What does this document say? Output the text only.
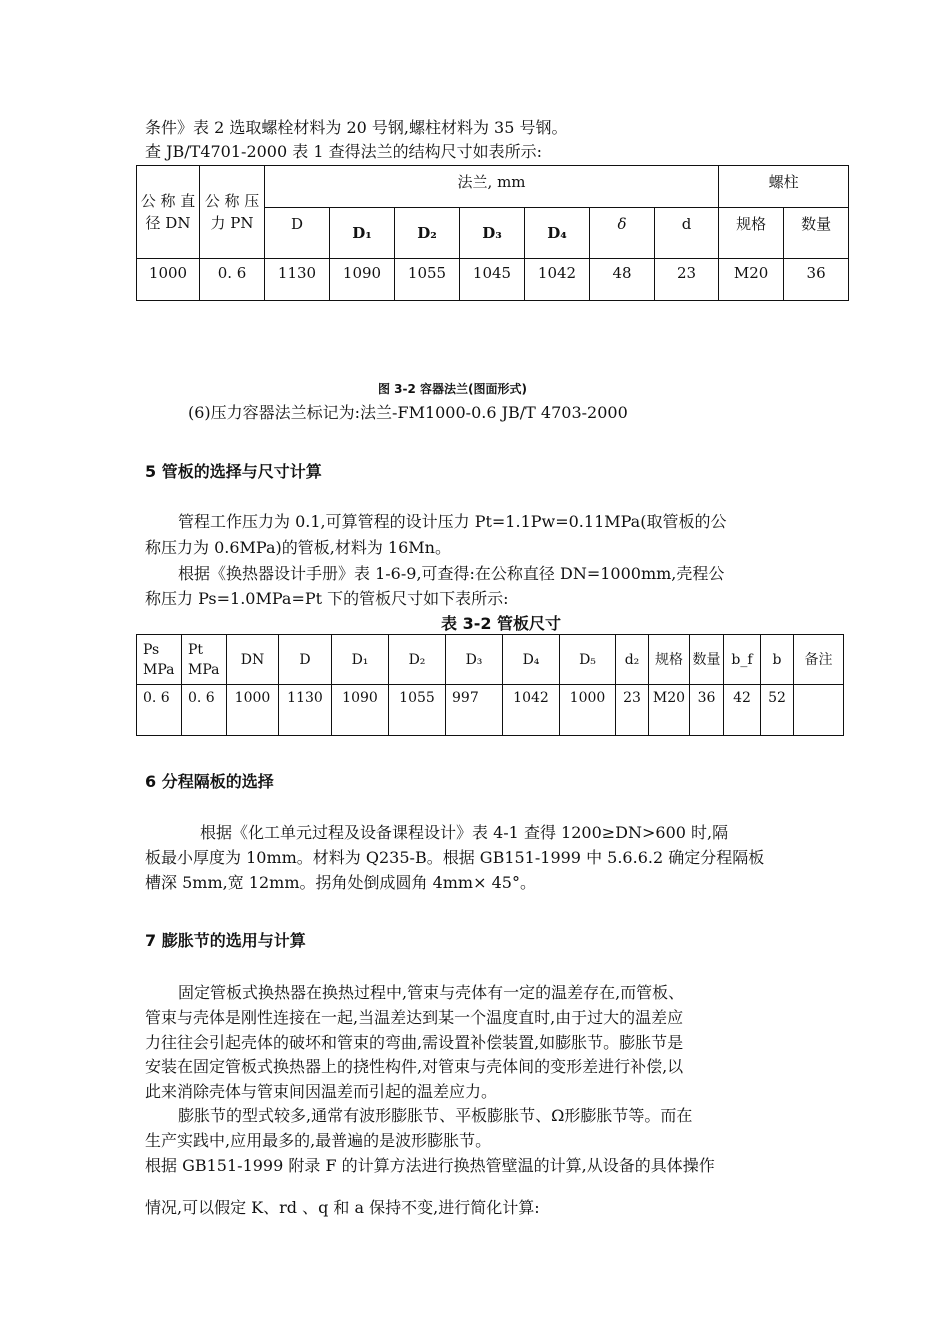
条件》表 2 选取螺栓材料为 20 号钢,螺柱材料为 35 号钢。
查 JB/T4701-2000 表 1 查得法兰的结构尺寸如表所示:
公 称 直径 DN	公 称 压力 PN	法兰, mm							螺柱	
		D	D₁	D₂	D₃	D₄	δ	d	规格	数量
1000	0. 6	1130	1090	1055	1045	1042	48	23	M20	36
图 3-2 容器法兰(图面形式)
(6)压力容器法兰标记为:法兰-FM1000-0.6 JB/T 4703-2000
5 管板的选择与尺寸计算
管程工作压力为 0.1,可算管程的设计压力 Pt=1.1Pw=0.11MPa(取管板的公
称压力为 0.6MPa)的管板,材料为 16Mn。
根据《换热器设计手册》表 1-6-9,可查得:在公称直径 DN=1000mm,壳程公
称压力 Ps=1.0MPa=Pt 下的管板尺寸如下表所示:
表 3-2 管板尺寸
Ps MPa	Pt MPa	DN	D	D₁	D₂	D₃	D₄	D₅	d₂	规格	数量	b_f	b	备注
0. 6	0. 6	1000	1130	1090	1055	997	1042	1000	23	M20	36	42	52	
6 分程隔板的选择
根据《化工单元过程及设备课程设计》表 4-1 查得 1200≥DN>600 时,隔
板最小厚度为 10mm。材料为 Q235-B。根据 GB151-1999 中 5.6.6.2 确定分程隔板
槽深 5mm,宽 12mm。拐角处倒成圆角 4mm× 45°。
7 膨胀节的选用与计算
固定管板式换热器在换热过程中,管束与壳体有一定的温差存在,而管板、
管束与壳体是刚性连接在一起,当温差达到某一个温度直时,由于过大的温差应
力往往会引起壳体的破坏和管束的弯曲,需设置补偿装置,如膨胀节。膨胀节是
安装在固定管板式换热器上的挠性构件,对管束与壳体间的变形差进行补偿,以
此来消除壳体与管束间因温差而引起的温差应力。
膨胀节的型式较多,通常有波形膨胀节、平板膨胀节、Ω形膨胀节等。而在
生产实践中,应用最多的,最普遍的是波形膨胀节。
根据 GB151-1999 附录 F 的计算方法进行换热管壁温的计算,从设备的具体操作
情况,可以假定 K、rd 、q 和 a 保持不变,进行简化计算:
